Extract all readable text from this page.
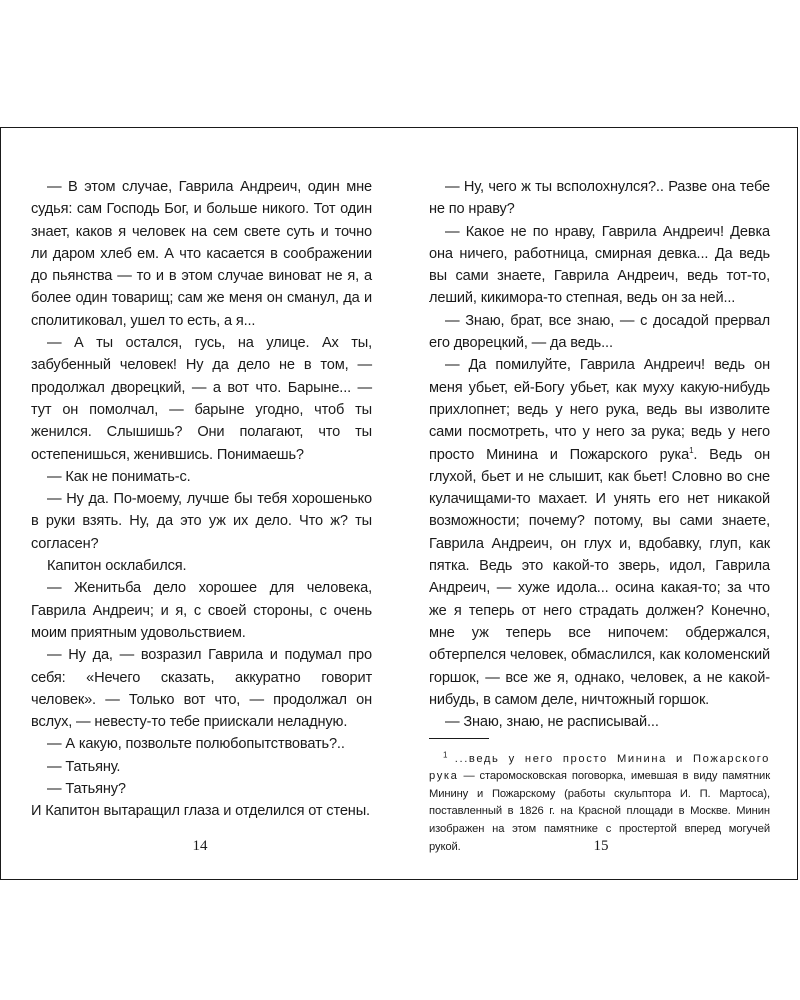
— В этом случае, Гаврила Андреич, один мне судья: сам Господь Бог, и больше никого. Тот один знает, каков я человек на сем свете суть и точно ли даром хлеб ем. А что касается в соображении до пьянства — то и в этом случае виноват не я, а более один товарищ; сам же меня он сманул, да и сполитиковал, ушел то есть, а я...

— А ты остался, гусь, на улице. Ах ты, забубенный человек! Ну да дело не в том, — продолжал дворецкий, — а вот что. Барыне... — тут он помолчал, — барыне угодно, чтоб ты женился. Слышишь? Они полагают, что ты остепенишься, женившись. Понимаешь?

— Как не понимать-с.

— Ну да. По-моему, лучше бы тебя хорошенько в руки взять. Ну, да это уж их дело. Что ж? ты согласен?

Капитон осклабился.

— Женитьба дело хорошее для человека, Гаврила Андреич; и я, с своей стороны, с очень моим приятным удовольствием.

— Ну да, — возразил Гаврила и подумал про себя: «Нечего сказать, аккуратно говорит человек». — Только вот что, — продолжал он вслух, — невесту-то тебе приискали неладную.

— А какую, позвольте полюбопытствовать?..

— Татьяну.

— Татьяну?

И Капитон вытаращил глаза и отделился от стены.

— Ну, чего ж ты всполохнулся?.. Разве она тебе не по нраву?

— Какое не по нраву, Гаврила Андреич! Девка она ничего, работница, смирная девка... Да ведь вы сами знаете, Гаврила Андреич, ведь тот-то, леший, кикимора-то степная, ведь он за ней...

— Знаю, брат, все знаю, — с досадой прервал его дворецкий, — да ведь...

— Да помилуйте, Гаврила Андреич! ведь он меня убьет, ей-Богу убьет, как муху какую-нибудь прихлопнет; ведь у него рука, ведь вы изволите сами посмотреть, что у него за рука; ведь у него просто Минина и Пожарского рука$^1$. Ведь он глухой, бьет и не слышит, как бьет! Словно во сне кулачищами-то махает. И унять его нет никакой возможности; почему? потому, вы сами знаете, Гаврила Андреич, он глух и, вдобавку, глуп, как пятка. Ведь это какой-то зверь, идол, Гаврила Андреич, — хуже идола... осина какая-то; за что же я теперь от него страдать должен? Конечно, мне уж теперь все нипочем: обдержался, обтерпелся человек, обмаслился, как коломенский горшок, — все же я, однако, человек, а не какой-нибудь, в самом деле, ничтожный горшок.

— Знаю, знаю, не расписывай...

$^1$ ...ведь у него просто Минина и Пожарского рука — старомосковская поговорка, имевшая в виду памятник Минину и Пожарскому (работы скульптора И. П. Мартоса), поставленный в 1826 г. на Красной площади в Москве. Минин изображен на этом памятнике с простертой вперед могучей рукой.

14	15
